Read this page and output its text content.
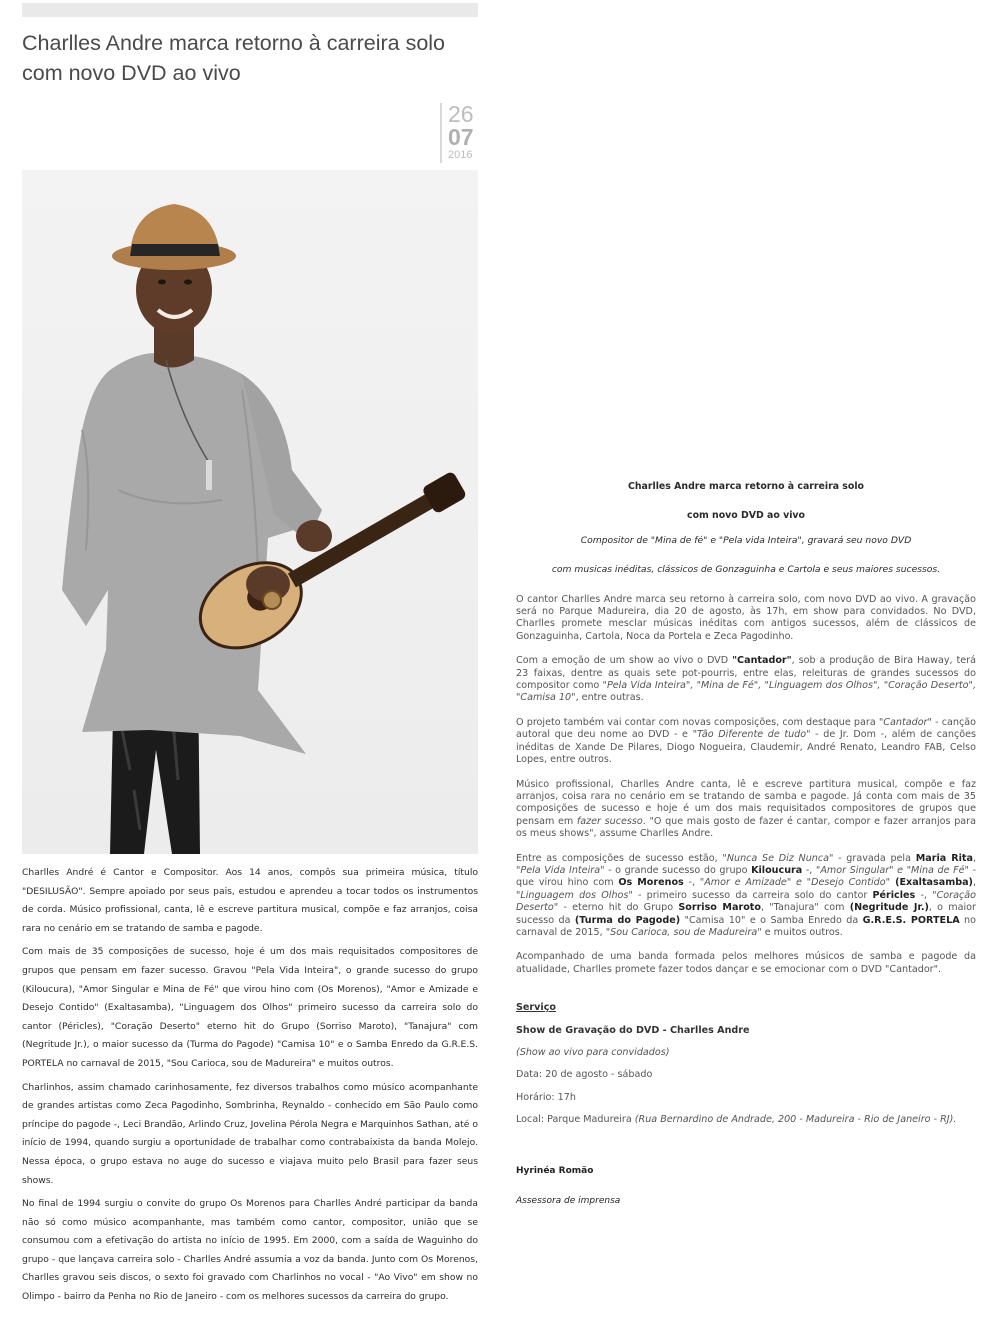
Charlles Andre marca retorno à carreira solo com novo DVD ao vivo
26
07
2016

Charlles André é Cantor e Compositor. Aos 14 anos, compôs sua primeira música, título "DESILUSÃO". Sempre apoiado por seus pais, estudou e aprendeu a tocar todos os instrumentos de corda. Músico profissional, canta, lê e escreve partitura musical, compõe e faz arranjos, coisa rara no cenário em se tratando de samba e pagode.

Com mais de 35 composições de sucesso, hoje é um dos mais requisitados compositores de grupos que pensam em fazer sucesso. Gravou "Pela Vida Inteira", o grande sucesso do grupo (Kiloucura), "Amor Singular e Mina de Fé" que virou hino com (Os Morenos), "Amor e Amizade e Desejo Contido" (Exaltasamba), "Linguagem dos Olhos" primeiro sucesso da carreira solo do cantor (Péricles), "Coração Deserto" eterno hit do Grupo (Sorriso Maroto), "Tanajura" com (Negritude Jr.), o maior sucesso da (Turma do Pagode) "Camisa 10" e o Samba Enredo da G.R.E.S. PORTELA no carnaval de 2015, "Sou Carioca, sou de Madureira" e muitos outros.

Charlinhos, assim chamado carinhosamente, fez diversos trabalhos como músico acompanhante de grandes artistas como Zeca Pagodinho, Sombrinha, Reynaldo - conhecido em São Paulo como príncipe do pagode -, Leci Brandão, Arlindo Cruz, Jovelina Pérola Negra e Marquinhos Sathan, até o início de 1994, quando surgiu a oportunidade de trabalhar como contrabaixista da banda Molejo. Nessa época, o grupo estava no auge do sucesso e viajava muito pelo Brasil para fazer seus shows.

No final de 1994 surgiu o convite do grupo Os Morenos para Charlles André participar da banda não só como músico acompanhante, mas também como cantor, compositor, união que se consumou com a efetivação do artista no início de 1995. Em 2000, com a saída de Waguinho do grupo - que lançava carreira solo - Charlles André assumia a voz da banda. Junto com Os Morenos, Charlles gravou seis discos, o sexto foi gravado com Charlinhos no vocal - "Ao Vivo" em show no Olimpo - bairro da Penha no Rio de Janeiro - com os melhores sucessos da carreira do grupo.

Charlles Andre marca retorno à carreira solo

com novo DVD ao vivo

Compositor de "Mina de fé" e "Pela vida Inteira", gravará seu novo DVD

com musicas inéditas, clássicos de Gonzaguinha e Cartola e seus maiores sucessos.

O cantor Charlles Andre marca seu retorno à carreira solo, com novo DVD ao vivo. A gravação será no Parque Madureira, dia 20 de agosto, às 17h, em show para convidados. No DVD, Charlles promete mesclar músicas inéditas com antigos sucessos, além de clássicos de Gonzaguinha, Cartola, Noca da Portela e Zeca Pagodinho.

Com a emoção de um show ao vivo o DVD "Cantador", sob a produção de Bira Haway, terá 23 faixas, dentre as quais sete pot-pourris, entre elas, releituras de grandes sucessos do compositor como "Pela Vida Inteira", "Mina de Fé", "Linguagem dos Olhos", "Coração Deserto", "Camisa 10", entre outras.

O projeto também vai contar com novas composições, com destaque para "Cantador" - canção autoral que deu nome ao DVD - e "Tão Diferente de tudo" - de Jr. Dom -, além de canções inéditas de Xande De Pilares, Diogo Nogueira, Claudemir, André Renato, Leandro FAB, Celso Lopes, entre outros.

Músico profissional, Charlles Andre canta, lê e escreve partitura musical, compõe e faz arranjos, coisa rara no cenário em se tratando de samba e pagode. Já conta com mais de 35 composições de sucesso e hoje é um dos mais requisitados compositores de grupos que pensam em fazer sucesso. "O que mais gosto de fazer é cantar, compor e fazer arranjos para os meus shows", assume Charlles Andre.

Entre as composições de sucesso estão, "Nunca Se Diz Nunca" - gravada pela Maria Rita, "Pela Vida Inteira" - o grande sucesso do grupo Kiloucura -, "Amor Singular" e "Mina de Fé" - que virou hino com Os Morenos -, "Amor e Amizade" e "Desejo Contido" (Exaltasamba), "Linguagem dos Olhos" - primeiro sucesso da carreira solo do cantor Péricles -, "Coração Deserto" - eterno hit do Grupo Sorriso Maroto, "Tanajura" com (Negritude Jr.), o maior sucesso da (Turma do Pagode) "Camisa 10" e o Samba Enredo da G.R.E.S. PORTELA no carnaval de 2015, "Sou Carioca, sou de Madureira" e muitos outros.

Acompanhado de uma banda formada pelos melhores músicos de samba e pagode da atualidade, Charlles promete fazer todos dançar e se emocionar com o DVD "Cantador".

Serviço

Show de Gravação do DVD - Charlles Andre

(Show ao vivo para convidados)

Data: 20 de agosto - sábado

Horário: 17h

Local: Parque Madureira (Rua Bernardino de Andrade, 200 - Madureira - Rio de Janeiro - RJ).

Hyrinéa Romão
Assessora de imprensa
